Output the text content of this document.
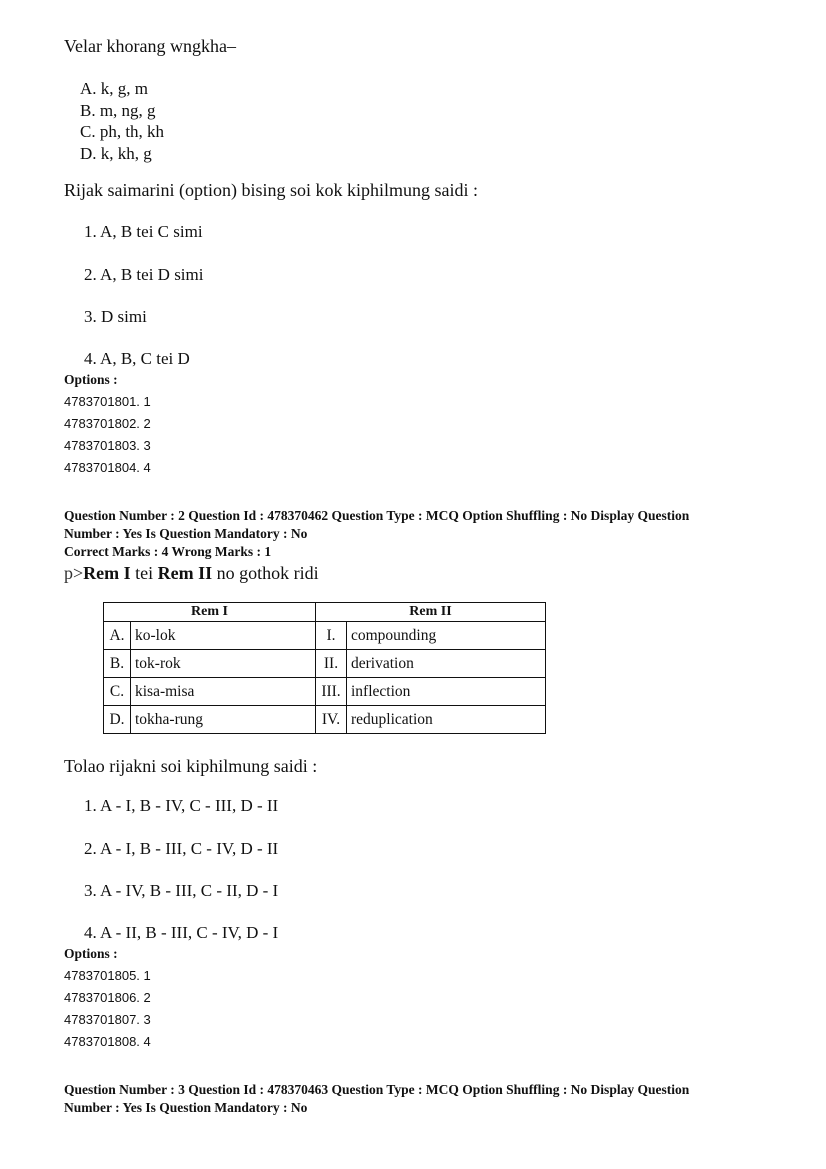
Velar khorang wngkha–
A. k, g, m
B. m, ng, g
C. ph, th, kh
D. k, kh, g
Rijak saimarini (option) bising soi kok kiphilmung saidi :
1. A, B tei C simi
2. A, B tei D simi
3. D simi
4. A, B, C tei D
Options :
4783701801. 1
4783701802. 2
4783701803. 3
4783701804. 4
Question Number : 2 Question Id : 478370462 Question Type : MCQ Option Shuffling : No Display Question
Number : Yes Is Question Mandatory : No
Correct Marks : 4 Wrong Marks : 1
p>Rem I tei Rem II no gothok ridi
Rem I		Rem II	
A.	ko-lok	I.	compounding
B.	tok-rok	II.	derivation
C.	kisa-misa	III.	inflection
D.	tokha-rung	IV.	reduplication
Tolao rijakni soi kiphilmung saidi :
1. A - I, B - IV, C - III, D - II
2. A - I, B - III, C - IV, D - II
3. A - IV, B - III, C - II, D - I
4. A - II, B - III, C - IV, D - I
Options :
4783701805. 1
4783701806. 2
4783701807. 3
4783701808. 4
Question Number : 3 Question Id : 478370463 Question Type : MCQ Option Shuffling : No Display Question
Number : Yes Is Question Mandatory : No
